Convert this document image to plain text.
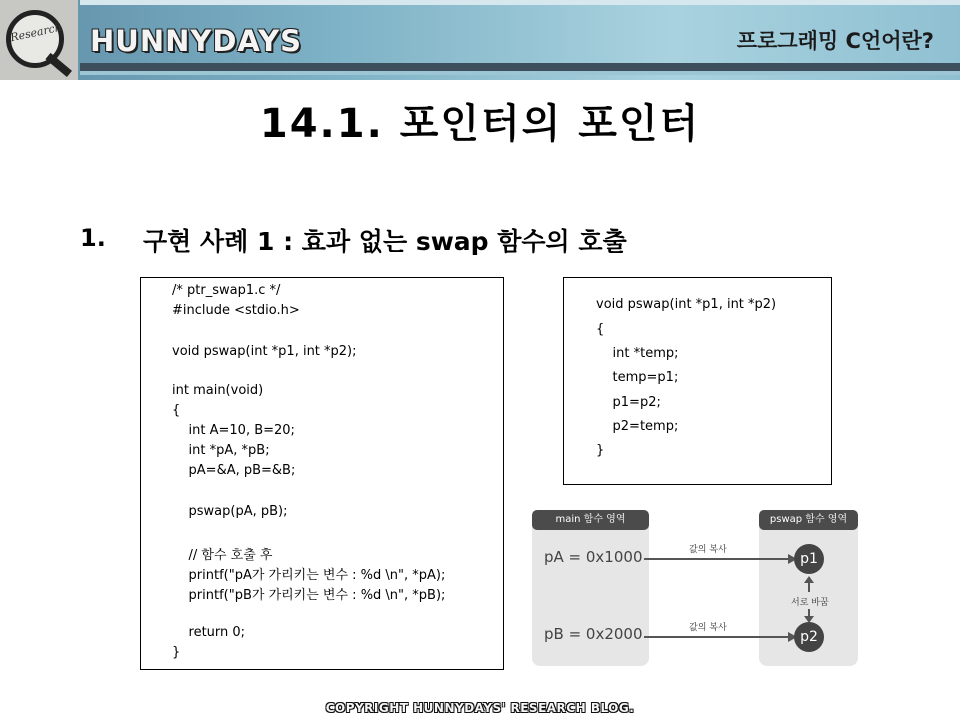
Research HUNNYDAYS	프로그래밍 C언어란?
14.1. 포인터의 포인터
1. 구현 사례 1 : 효과 없는 swap 함수의 호출
/* ptr_swap1.c */
#include <stdio.h>
void pswap(int *p1, int *p2);
int main(void)
{
int A=10, B=20;
int *pA, *pB;
pA=&A, pB=&B;
pswap(pA, pB);
// 함수 호출 후
printf("pA가 가리키는 변수 : %d \n", *pA);
printf("pB가 가리키는 변수 : %d \n", *pB);
return 0;
}
void pswap(int *p1, int *p2)
{
int *temp;
temp=p1;
p1=p2;
p2=temp;
}
main 함수 영역
pA = 0x1000
pB = 0x2000
pswap 함수 영역
값의 복사
값의 복사
p1
p2
서로 바꿈
COPYRIGHT HUNNYDAYS' RESEARCH BLOG.
